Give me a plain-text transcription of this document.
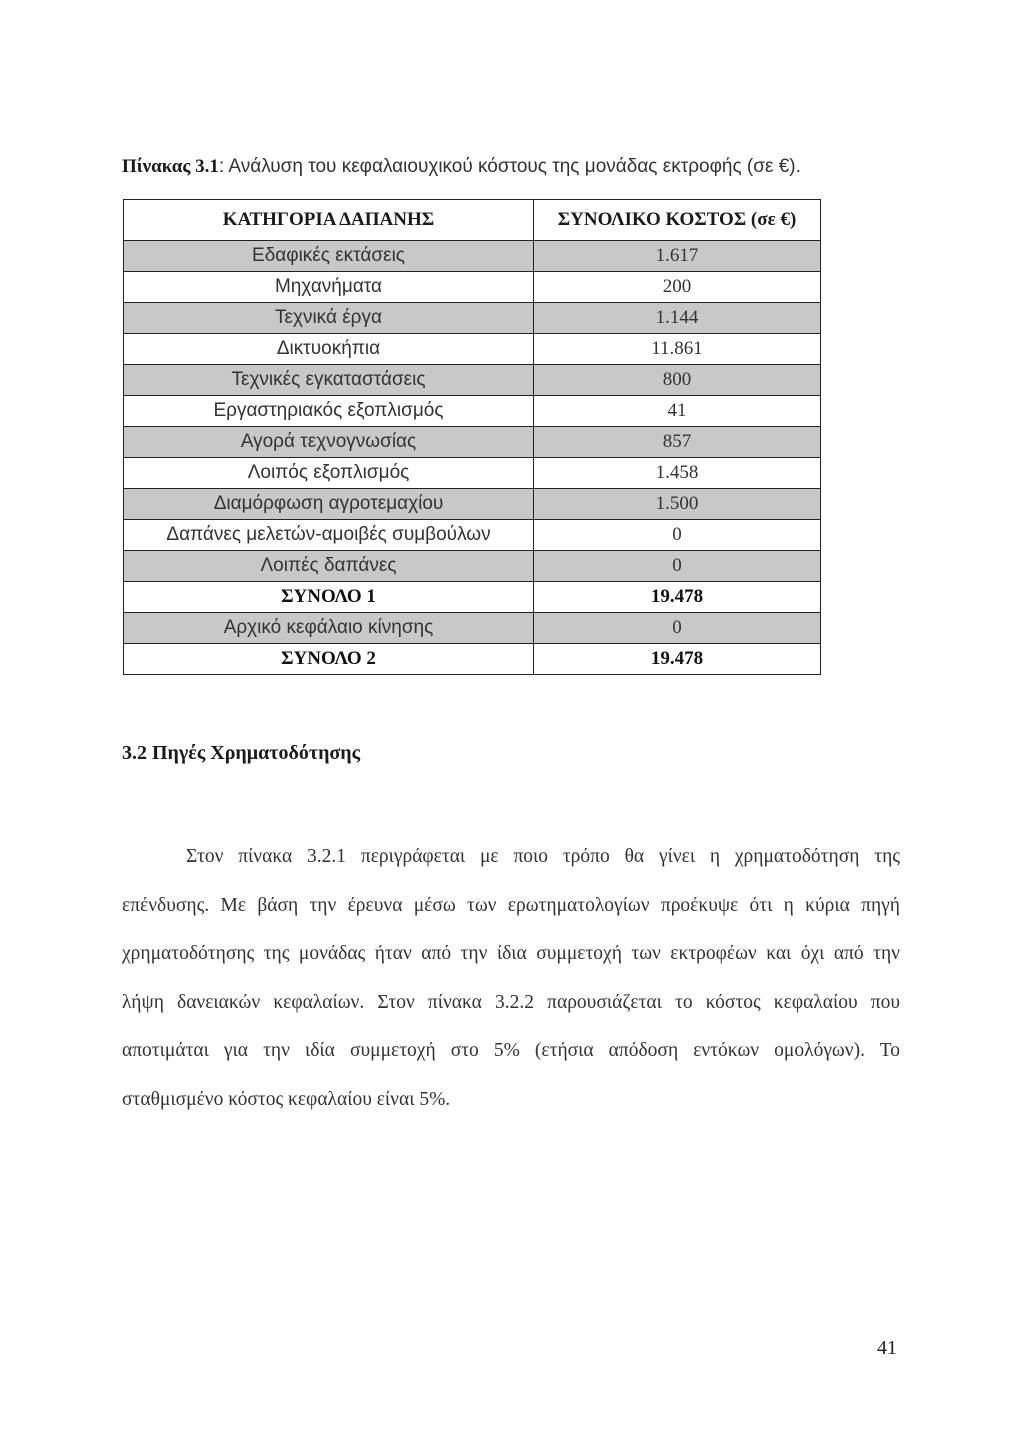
Πίνακας 3.1: Ανάλυση του κεφαλαιουχικού κόστους της μονάδας εκτροφής (σε €).
ΚΑΤΗΓΟΡΙΑ ΔΑΠΑΝΗΣ	ΣΥΝΟΛΙΚΟ ΚΟΣΤΟΣ (σε €)
Εδαφικές εκτάσεις	1.617
Μηχανήματα	200
Τεχνικά έργα	1.144
Δικτυοκήπια	11.861
Τεχνικές εγκαταστάσεις	800
Εργαστηριακός εξοπλισμός	41
Αγορά τεχνογνωσίας	857
Λοιπός εξοπλισμός	1.458
Διαμόρφωση αγροτεμαχίου	1.500
Δαπάνες μελετών-αμοιβές συμβούλων	0
Λοιπές δαπάνες	0
ΣΥΝΟΛΟ 1	19.478
Αρχικό κεφάλαιο κίνησης	0
ΣΥΝΟΛΟ 2	19.478
3.2 Πηγές Χρηματοδότησης
Στον πίνακα 3.2.1 περιγράφεται με ποιο τρόπο θα γίνει η χρηματοδότηση της
επένδυσης. Με βάση την έρευνα μέσω των ερωτηματολογίων προέκυψε ότι η κύρια πηγή
χρηματοδότησης της μονάδας ήταν από την ίδια συμμετοχή των εκτροφέων και όχι από την
λήψη δανειακών κεφαλαίων. Στον πίνακα 3.2.2 παρουσιάζεται το κόστος κεφαλαίου που
αποτιμάται για την ιδία συμμετοχή στο 5% (ετήσια απόδοση εντόκων ομολόγων). Το
σταθμισμένο κόστος κεφαλαίου είναι 5%.
41
